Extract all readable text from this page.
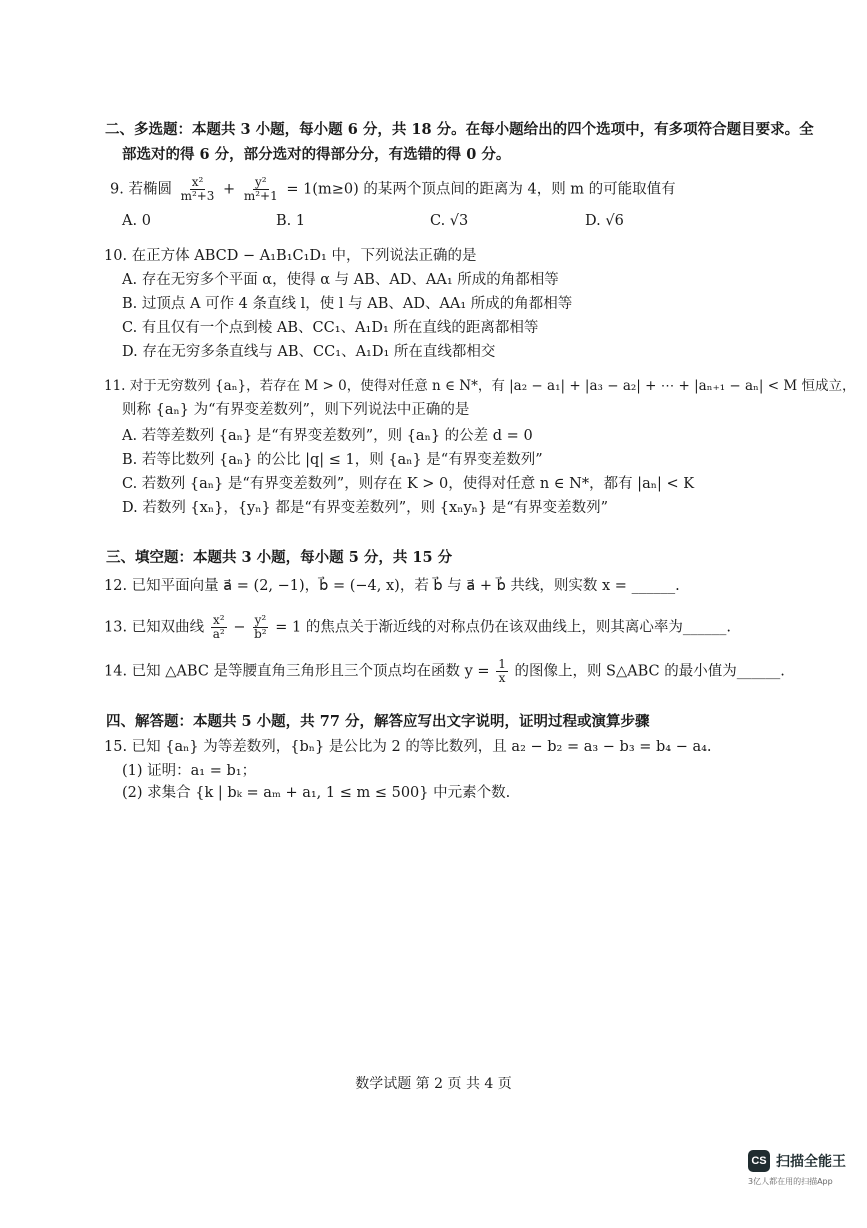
二、多选题：本题共 3 小题，每小题 6 分，共 18 分。在每小题给出的四个选项中，有多项符合题目要求。全
部选对的得 6 分，部分选对的得部分分，有选错的得 0 分。
9. 若椭圆 $\frac{\text{x²}}{\text{m²+3}} + \frac{\text{y²}}{\text{m²+1}} = 1(m\ge 0)$ 的某两个顶点间的距离为 4，则 m 的可能取值有
A. 0	B. 1	C. √3	D. √6
10. 在正方体 ABCD − A₁B₁C₁D₁ 中，下列说法正确的是
A. 存在无穷多个平面 α，使得 α 与 AB、AD、AA₁ 所成的角都相等
B. 过顶点 A 可作 4 条直线 l，使 l 与 AB、AD、AA₁ 所成的角都相等
C. 有且仅有一个点到棱 AB、CC₁、A₁D₁ 所在直线的距离都相等
D. 存在无穷多条直线与 AB、CC₁、A₁D₁ 所在直线都相交
11. 对于无穷数列 {aₙ}，若存在 M > 0，使得对任意 n ∈ N*，有 |a₂ − a₁| + |a₃ − a₂| + ⋯ + |aₙ₊₁ − aₙ| < M 恒成立，
则称 {aₙ} 为“有界变差数列”，则下列说法中正确的是
A. 若等差数列 {aₙ} 是“有界变差数列”，则 {aₙ} 的公差 d = 0
B. 若等比数列 {aₙ} 的公比 |q| ≤ 1，则 {aₙ} 是“有界变差数列”
C. 若数列 {aₙ} 是“有界变差数列”，则存在 K > 0，使得对任意 n ∈ N*，都有 |aₙ| < K
D. 若数列 {xₙ}，{yₙ} 都是“有界变差数列”，则 {xₙyₙ} 是“有界变差数列”
三、填空题：本题共 3 小题，每小题 5 分，共 15 分
12. 已知平面向量 a⃗ = (2, −1)，b⃗ = (−4, x)，若 b⃗ 与 a⃗ + b⃗ 共线，则实数 x = ______.
13. 已知双曲线 $\frac{\text{x²}}{\text{a²}} - \frac{\text{y²}}{\text{b²}} = 1$ 的焦点关于渐近线的对称点仍在该双曲线上，则其离心率为______.
14. 已知 △ABC 是等腰直角三角形且三个顶点均在函数 $y = \frac{1}{x}$ 的图像上，则 S△ABC 的最小值为______.
四、解答题：本题共 5 小题，共 77 分，解答应写出文字说明，证明过程或演算步骤
15. 已知 {aₙ} 为等差数列，{bₙ} 是公比为 2 的等比数列，且 a₂ − b₂ = a₃ − b₃ = b₄ − a₄.
(1) 证明：a₁ = b₁；
(2) 求集合 {k | bₖ = aₘ + a₁, 1 ≤ m ≤ 500} 中元素个数.
数学试题 第 2 页 共 4 页
CS 扫描全能王
3亿人都在用的扫描App
